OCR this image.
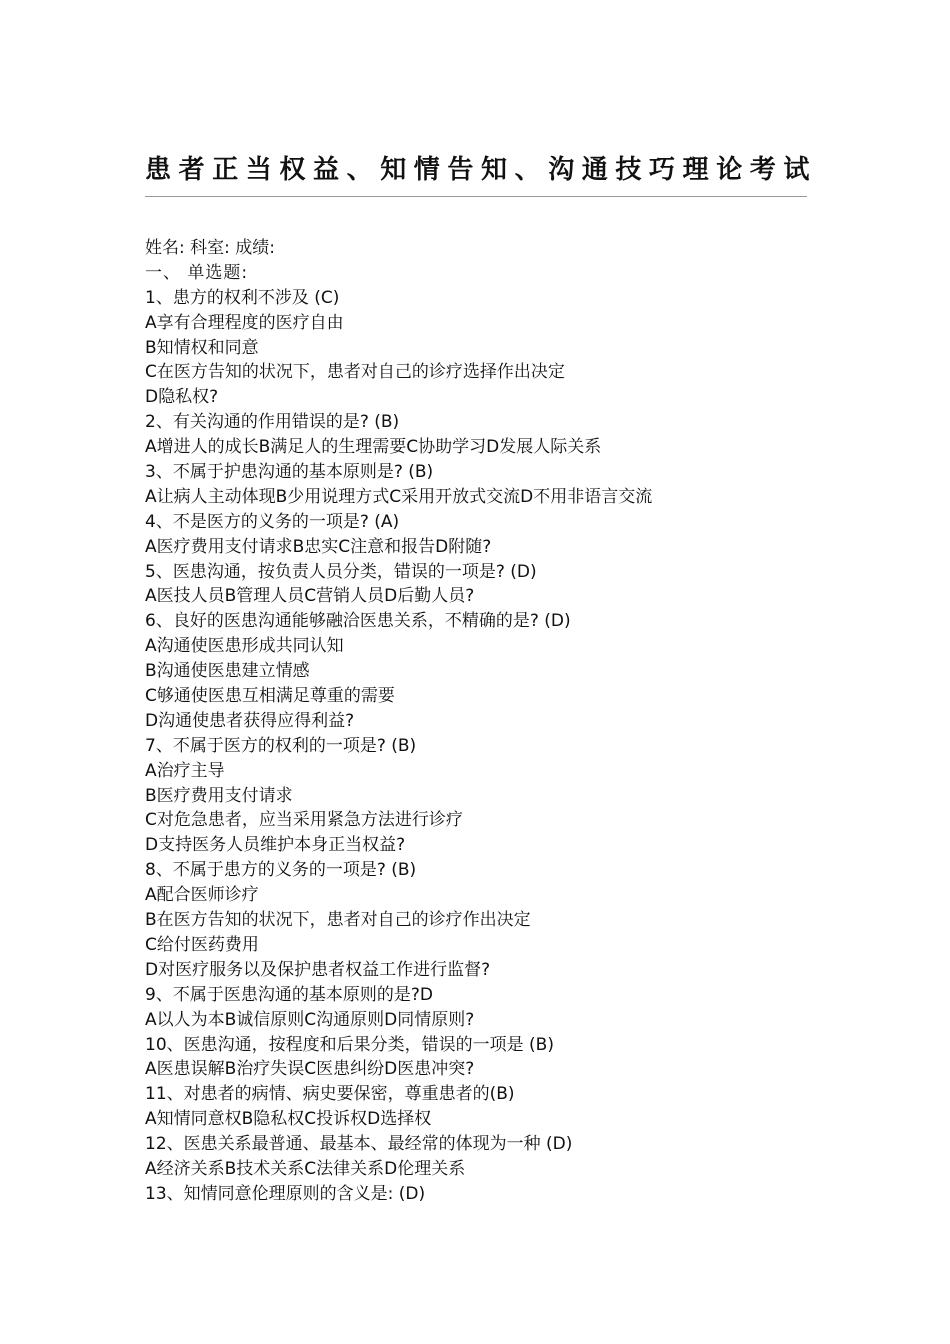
患者正当权益、知情告知、沟通技巧理论考试
姓名: 科室: 成绩:
一、 单选题:
1、患方的权利不涉及 (C)
A享有合理程度的医疗自由
B知情权和同意
C在医方告知的状况下，患者对自己的诊疗选择作出决定
D隐私权?
2、有关沟通的作用错误的是? (B)
A增进人的成长B满足人的生理需要C协助学习D发展人际关系
3、不属于护患沟通的基本原则是? (B)
A让病人主动体现B少用说理方式C采用开放式交流D不用非语言交流
4、不是医方的义务的一项是? (A)
A医疗费用支付请求B忠实C注意和报告D附随?
5、医患沟通，按负责人员分类，错误的一项是? (D)
A医技人员B管理人员C营销人员D后勤人员?
6、良好的医患沟通能够融洽医患关系，不精确的是? (D)
A沟通使医患形成共同认知
B沟通使医患建立情感
C够通使医患互相满足尊重的需要
D沟通使患者获得应得利益?
7、不属于医方的权利的一项是? (B)
A治疗主导
B医疗费用支付请求
C对危急患者，应当采用紧急方法进行诊疗
D支持医务人员维护本身正当权益?
8、不属于患方的义务的一项是? (B)
A配合医师诊疗
B在医方告知的状况下，患者对自己的诊疗作出决定
C给付医药费用
D对医疗服务以及保护患者权益工作进行监督?
9、不属于医患沟通的基本原则的是?D
A以人为本B诚信原则C沟通原则D同情原则?
10、医患沟通，按程度和后果分类，错误的一项是 (B)
A医患误解B治疗失误C医患纠纷D医患冲突?
11、对患者的病情、病史要保密，尊重患者的(B)
A知情同意权B隐私权C投诉权D选择权
12、医患关系最普通、最基本、最经常的体现为一种 (D)
A经济关系B技术关系C法律关系D伦理关系
13、知情同意伦理原则的含义是: (D)
